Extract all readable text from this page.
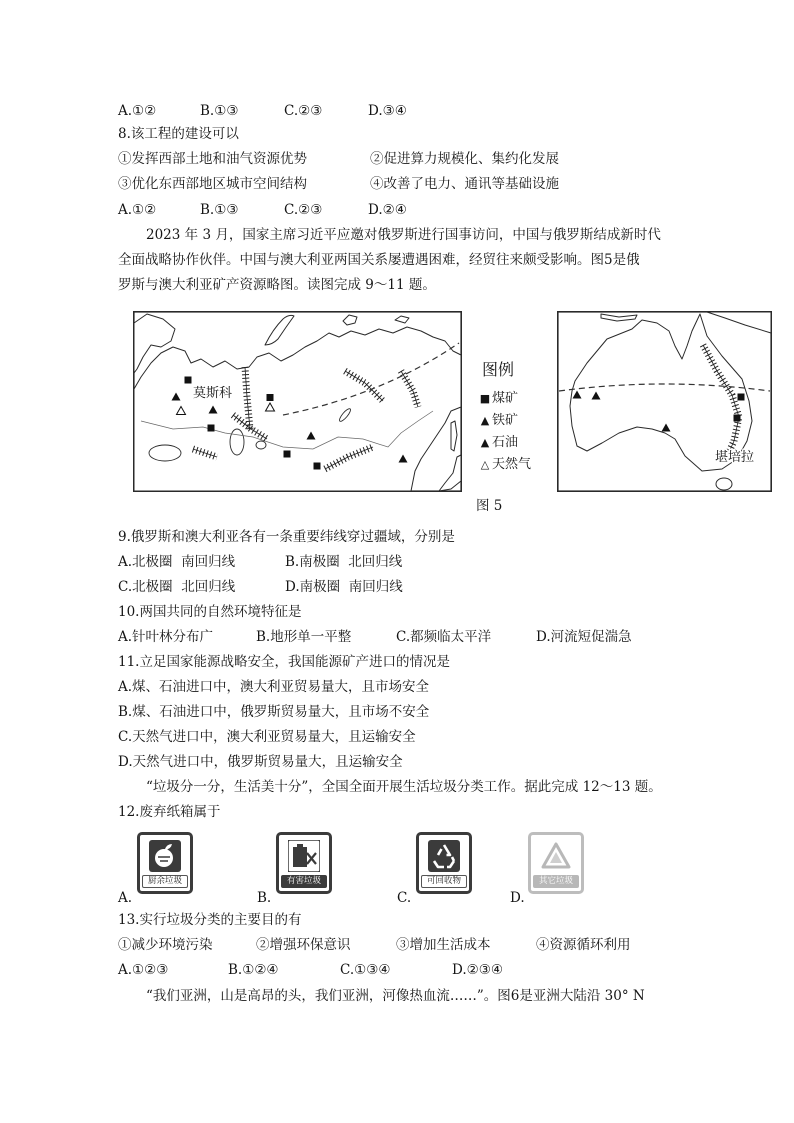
A.①②	B.①③	C.②③	D.③④
8.该工程的建设可以
①发挥西部土地和油气资源优势	②促进算力规模化、集约化发展
③优化东西部地区城市空间结构	④改善了电力、通讯等基础设施
A.①②	B.①③	C.②③	D.②④
2023 年 3 月，国家主席习近平应邀对俄罗斯进行国事访问，中国与俄罗斯结成新时代
全面战略协作伙伴。中国与澳大利亚两国关系屡遭遇困难，经贸往来颇受影响。图5是俄
罗斯与澳大利亚矿产资源略图。读图完成 9～11 题。
莫斯科
图例
■ 煤矿
▲ 铁矿
▲ 石油
△ 天然气	堪培拉
图 5
9.俄罗斯和澳大利亚各有一条重要纬线穿过疆域，分别是
A.北极圈  南回归线	B.南极圈  北回归线
C.北极圈  北回归线	D.南极圈  南回归线
10.两国共同的自然环境特征是
A.针叶林分布广	B.地形单一平整	C.都频临太平洋	D.河流短促湍急
11.立足国家能源战略安全，我国能源矿产进口的情况是
A.煤、石油进口中，澳大利亚贸易量大，且市场安全
B.煤、石油进口中，俄罗斯贸易量大，且市场不安全
C.天然气进口中，澳大利亚贸易量大，且运输安全
D.天然气进口中，俄罗斯贸易量大，且运输安全
“垃圾分一分，生活美十分”，全国全面开展生活垃圾分类工作。据此完成 12～13 题。
12.废弃纸箱属于
厨余垃圾	有害垃圾	可回收物	其它垃圾
A.	B.	C.	D.
13.实行垃圾分类的主要目的有
①减少环境污染	②增强环保意识	③增加生活成本	④资源循环利用
A.①②③	B.①②④	C.①③④	D.②③④
“我们亚洲，山是高昂的头，我们亚洲，河像热血流……”。图6是亚洲大陆沿 30° N
